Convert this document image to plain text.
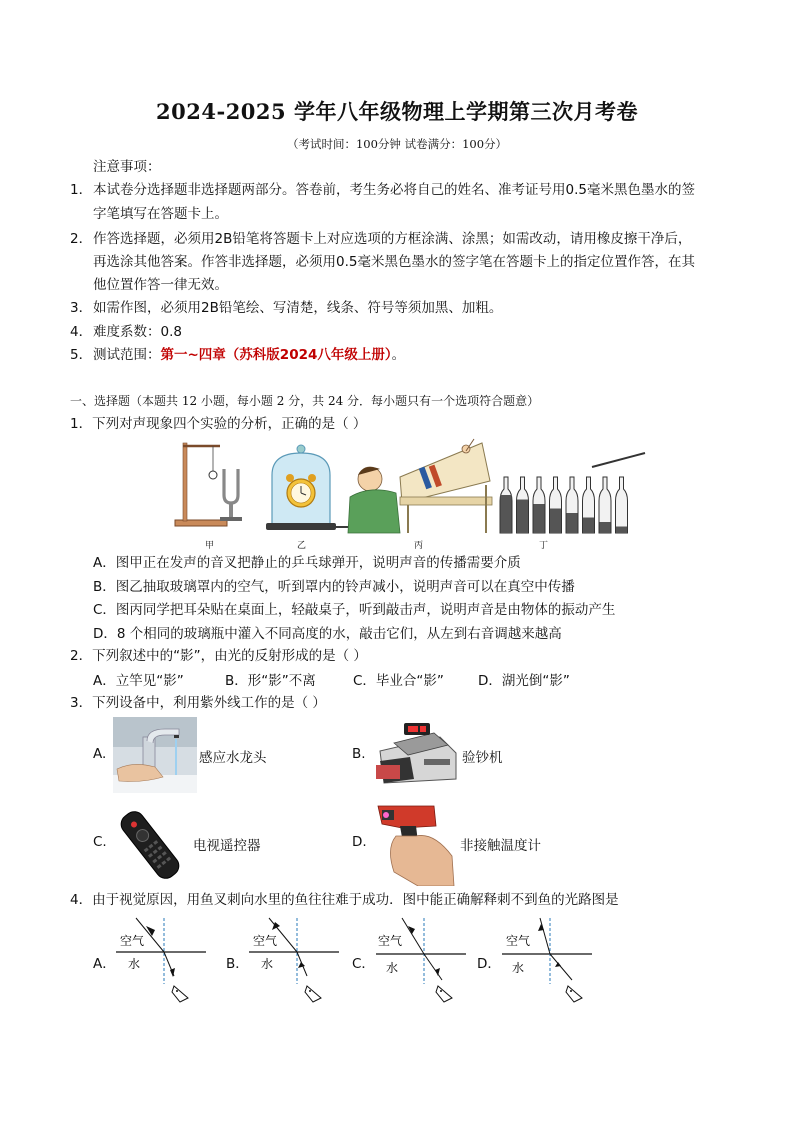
2024-2025 学年八年级物理上学期第三次月考卷
（考试时间：100分钟 试卷满分：100分）
注意事项：
1． 本试卷分选择题非选择题两部分。答卷前，考生务必将自己的姓名、准考证号用0.5毫米黑色墨水的签
字笔填写在答题卡上。
2． 作答选择题，必须用2B铅笔将答题卡上对应选项的方框涂满、涂黑；如需改动，请用橡皮擦干净后，
再选涂其他答案。作答非选择题，必须用0.5毫米黑色墨水的签字笔在答题卡上的指定位置作答，在其
他位置作答一律无效。
3． 如需作图，必须用2B铅笔绘、写清楚，线条、符号等须加黑、加粗。
4． 难度系数：0.8
5． 测试范围：第一~四章（苏科版2024八年级上册）。
一、选择题（本题共 12 小题，每小题 2 分，共 24 分．每小题只有一个选项符合题意）
1．下列对声现象四个实验的分析，正确的是（ ）
甲	乙	丙	丁
A．图甲正在发声的音叉把静止的乒乓球弹开，说明声音的传播需要介质
B．图乙抽取玻璃罩内的空气，听到罩内的铃声减小，说明声音可以在真空中传播
C．图丙同学把耳朵贴在桌面上，轻敲桌子，听到敲击声，说明声音是由物体的振动产生
D．8 个相同的玻璃瓶中灌入不同高度的水，敲击它们，从左到右音调越来越高
2．下列叙述中的“影”，由光的反射形成的是（ ）
A．立竿见“影”	B．形“影”不离	C．毕业合“影”	D．湖光倒“影”
3．下列设备中，利用紫外线工作的是（ ）
A.	感应水龙头	B.	验钞机
C.	电视遥控器	D.	非接触温度计
4．由于视觉原因，用鱼叉刺向水里的鱼往往难于成功．图中能正确解释刺不到鱼的光路图是
A．	B．	C．	D．
空气
水
空气
水
空气
水
空气
水
